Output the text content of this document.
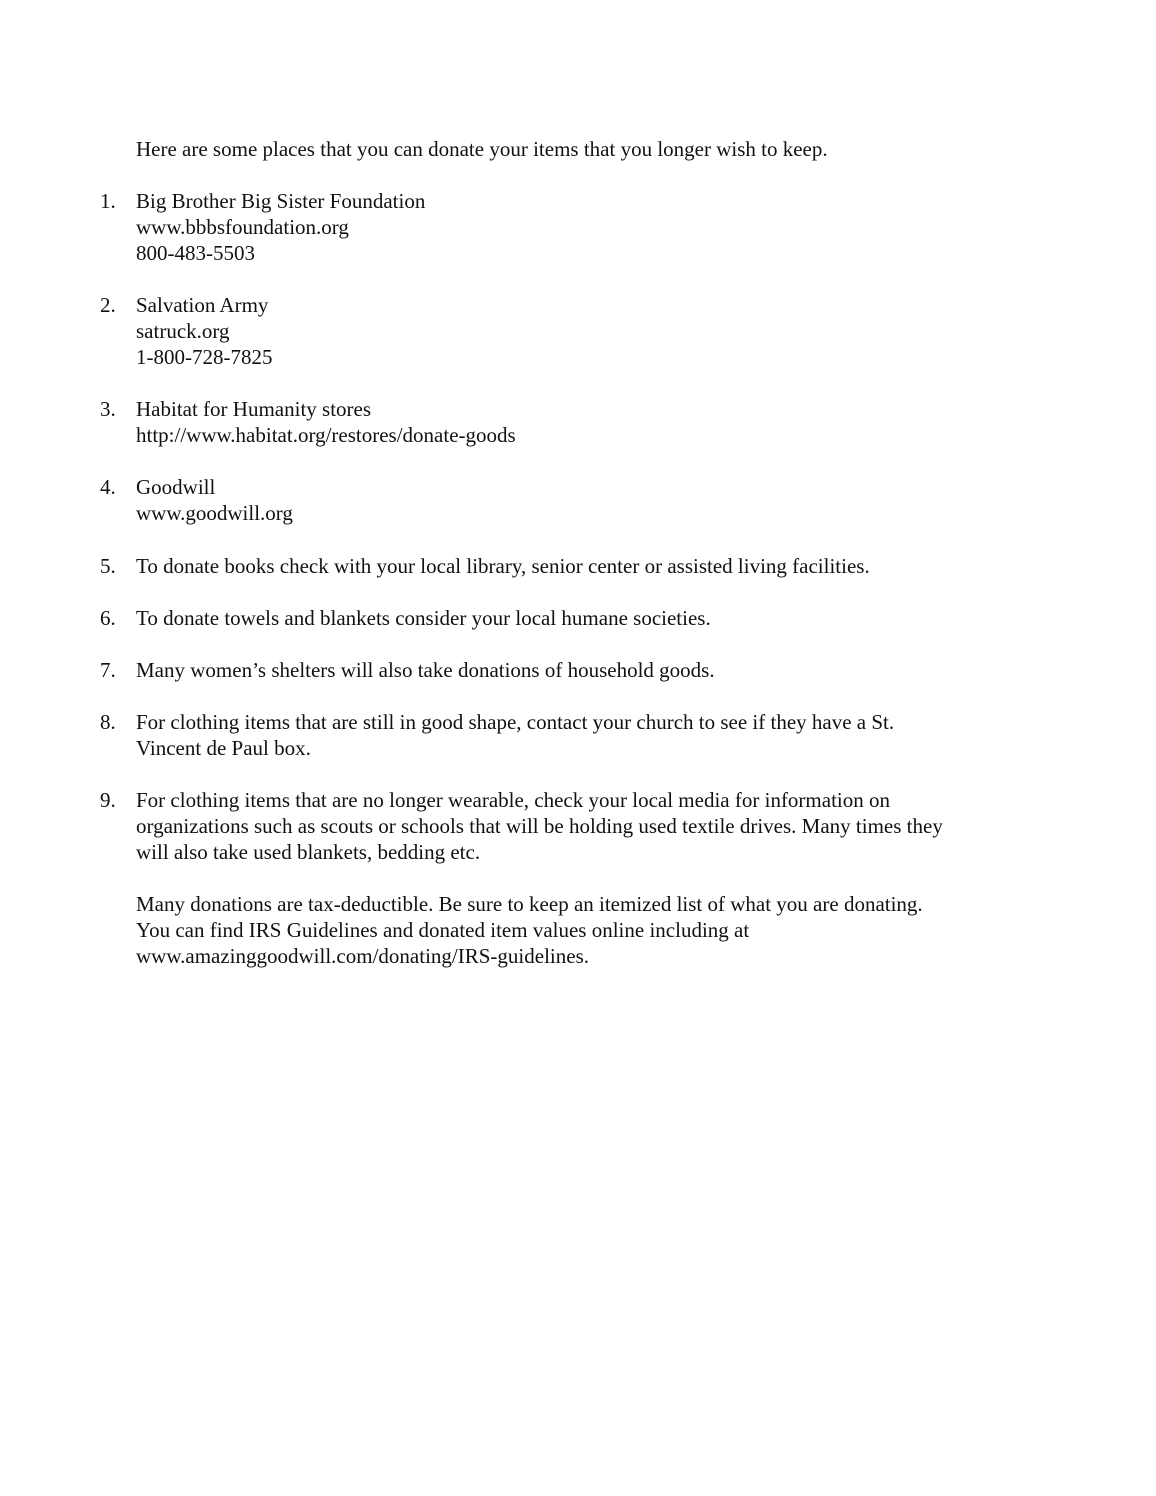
Here are some places that you can donate your items that you longer wish to keep.
1. Big Brother Big Sister Foundation
www.bbbsfoundation.org
800-483-5503
2. Salvation Army
satruck.org
1-800-728-7825
3. Habitat for Humanity stores
http://www.habitat.org/restores/donate-goods
4. Goodwill
www.goodwill.org
5. To donate books check with your local library, senior center or assisted living facilities.
6. To donate towels and blankets consider your local humane societies.
7. Many women’s shelters will also take donations of household goods.
8. For clothing items that are still in good shape, contact your church to see if they have a St.
Vincent de Paul box.
9. For clothing items that are no longer wearable, check your local media for information on
organizations such as scouts or schools that will be holding used textile drives. Many times they
will also take used blankets, bedding etc.
Many donations are tax-deductible. Be sure to keep an itemized list of what you are donating.
You can find IRS Guidelines and donated item values online including at
www.amazinggoodwill.com/donating/IRS-guidelines.
